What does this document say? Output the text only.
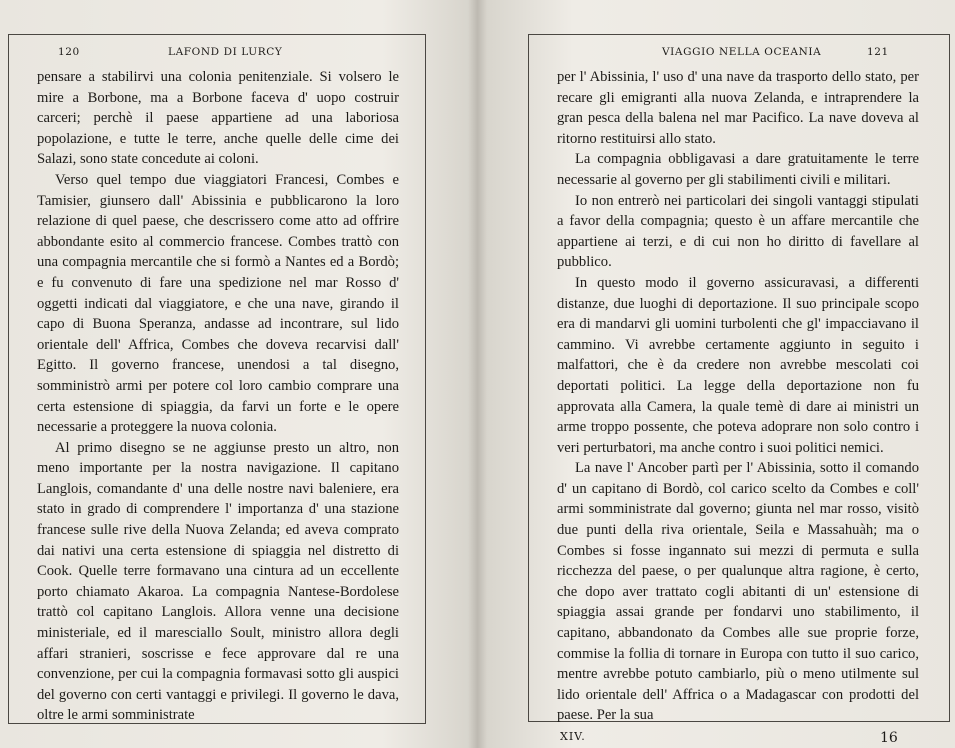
120	LAFOND DI LURCY	VIAGGIO NELLA OCEANIA	121

pensare a stabilirvi una colonia penitenziale. Si volsero le mire a Borbone, ma a Borbone faceva d' uopo costruir carceri; perchè il paese appartiene ad una laboriosa popolazione, e tutte le terre, anche quelle delle cime dei Salazi, sono state concedute ai coloni.

Verso quel tempo due viaggiatori Francesi, Combes e Tamisier, giunsero dall' Abissinia e pubblicarono la loro relazione di quel paese, che descrissero come atto ad offrire abbondante esito al commercio francese. Combes trattò con una compagnia mercantile che si formò a Nantes ed a Bordò; e fu convenuto di fare una spedizione nel mar Rosso d' oggetti indicati dal viaggiatore, e che una nave, girando il capo di Buona Speranza, andasse ad incontrare, sul lido orientale dell' Affrica, Combes che doveva recarvisi dall' Egitto. Il governo francese, unendosi a tal disegno, somministrò armi per potere col loro cambio comprare una certa estensione di spiaggia, da farvi un forte e le opere necessarie a proteggere la nuova colonia.

Al primo disegno se ne aggiunse presto un altro, non meno importante per la nostra navigazione. Il capitano Langlois, comandante d' una delle nostre navi baleniere, era stato in grado di comprendere l' importanza d' una stazione francese sulle rive della Nuova Zelanda; ed aveva comprato dai nativi una certa estensione di spiaggia nel distretto di Cook. Quelle terre formavano una cintura ad un eccellente porto chiamato Akaroa. La compagnia Nantese-Bordolese trattò col capitano Langlois. Allora venne una decisione ministeriale, ed il maresciallo Soult, ministro allora degli affari stranieri, soscrisse e fece approvare dal re una convenzione, per cui la compagnia formavasi sotto gli auspici del governo con certi vantaggi e privilegi. Il governo le dava, oltre le armi somministrate

per l' Abissinia, l' uso d' una nave da trasporto dello stato, per recare gli emigranti alla nuova Zelanda, e intraprendere la gran pesca della balena nel mar Pacifico. La nave doveva al ritorno restituirsi allo stato.

La compagnia obbligavasi a dare gratuitamente le terre necessarie al governo per gli stabilimenti civili e militari.

Io non entrerò nei particolari dei singoli vantaggi stipulati a favor della compagnia; questo è un affare mercantile che appartiene ai terzi, e di cui non ho diritto di favellare al pubblico.

In questo modo il governo assicuravasi, a differenti distanze, due luoghi di deportazione. Il suo principale scopo era di mandarvi gli uomini turbolenti che gl' impacciavano il cammino. Vi avrebbe certamente aggiunto in seguito i malfattori, che è da credere non avrebbe mescolati coi deportati politici. La legge della deportazione non fu approvata alla Camera, la quale temè di dare ai ministri un arme troppo possente, che poteva adoprare non solo contro i veri perturbatori, ma anche contro i suoi politici nemici.

La nave l' Ancober partì per l' Abissinia, sotto il comando d' un capitano di Bordò, col carico scelto da Combes e coll' armi somministrate dal governo; giunta nel mar rosso, visitò due punti della riva orientale, Seila e Massahuàh; ma o Combes si fosse ingannato sui mezzi di permuta e sulla ricchezza del paese, o per qualunque altra ragione, è certo, che dopo aver trattato cogli abitanti di un' estensione di spiaggia assai grande per fondarvi uno stabilimento, il capitano, abbandonato da Combes alle sue proprie forze, commise la follia di tornare in Europa con tutto il suo carico, mentre avrebbe potuto cambiarlo, più o meno utilmente sul lido orientale dell' Affrica o a Madagascar con prodotti del paese. Per la sua

XIV.	16
